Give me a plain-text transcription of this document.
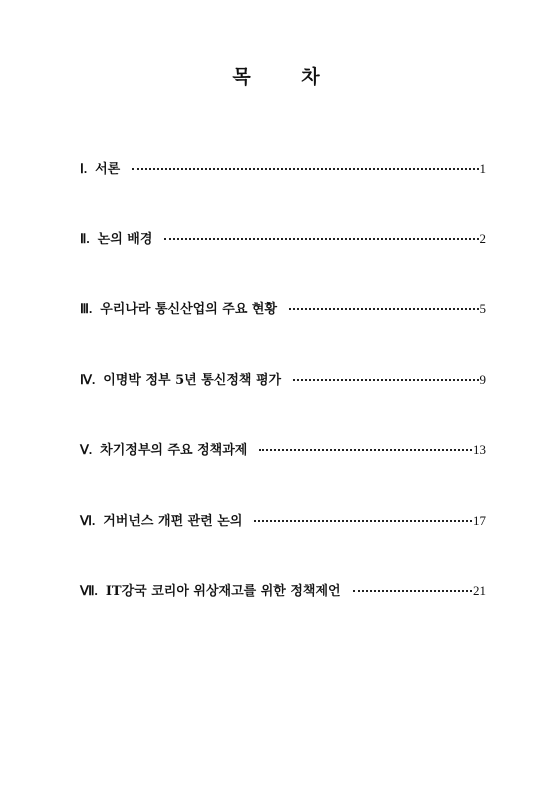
목 차
Ⅰ. 서론	1
Ⅱ. 논의 배경	2
Ⅲ. 우리나라 통신산업의 주요 현황	5
Ⅳ. 이명박 정부 5년 통신정책 평가	9
Ⅴ. 차기정부의 주요 정책과제	13
Ⅵ. 거버넌스 개편 관련 논의	17
Ⅶ. IT강국 코리아 위상재고를 위한 정책제언	21
